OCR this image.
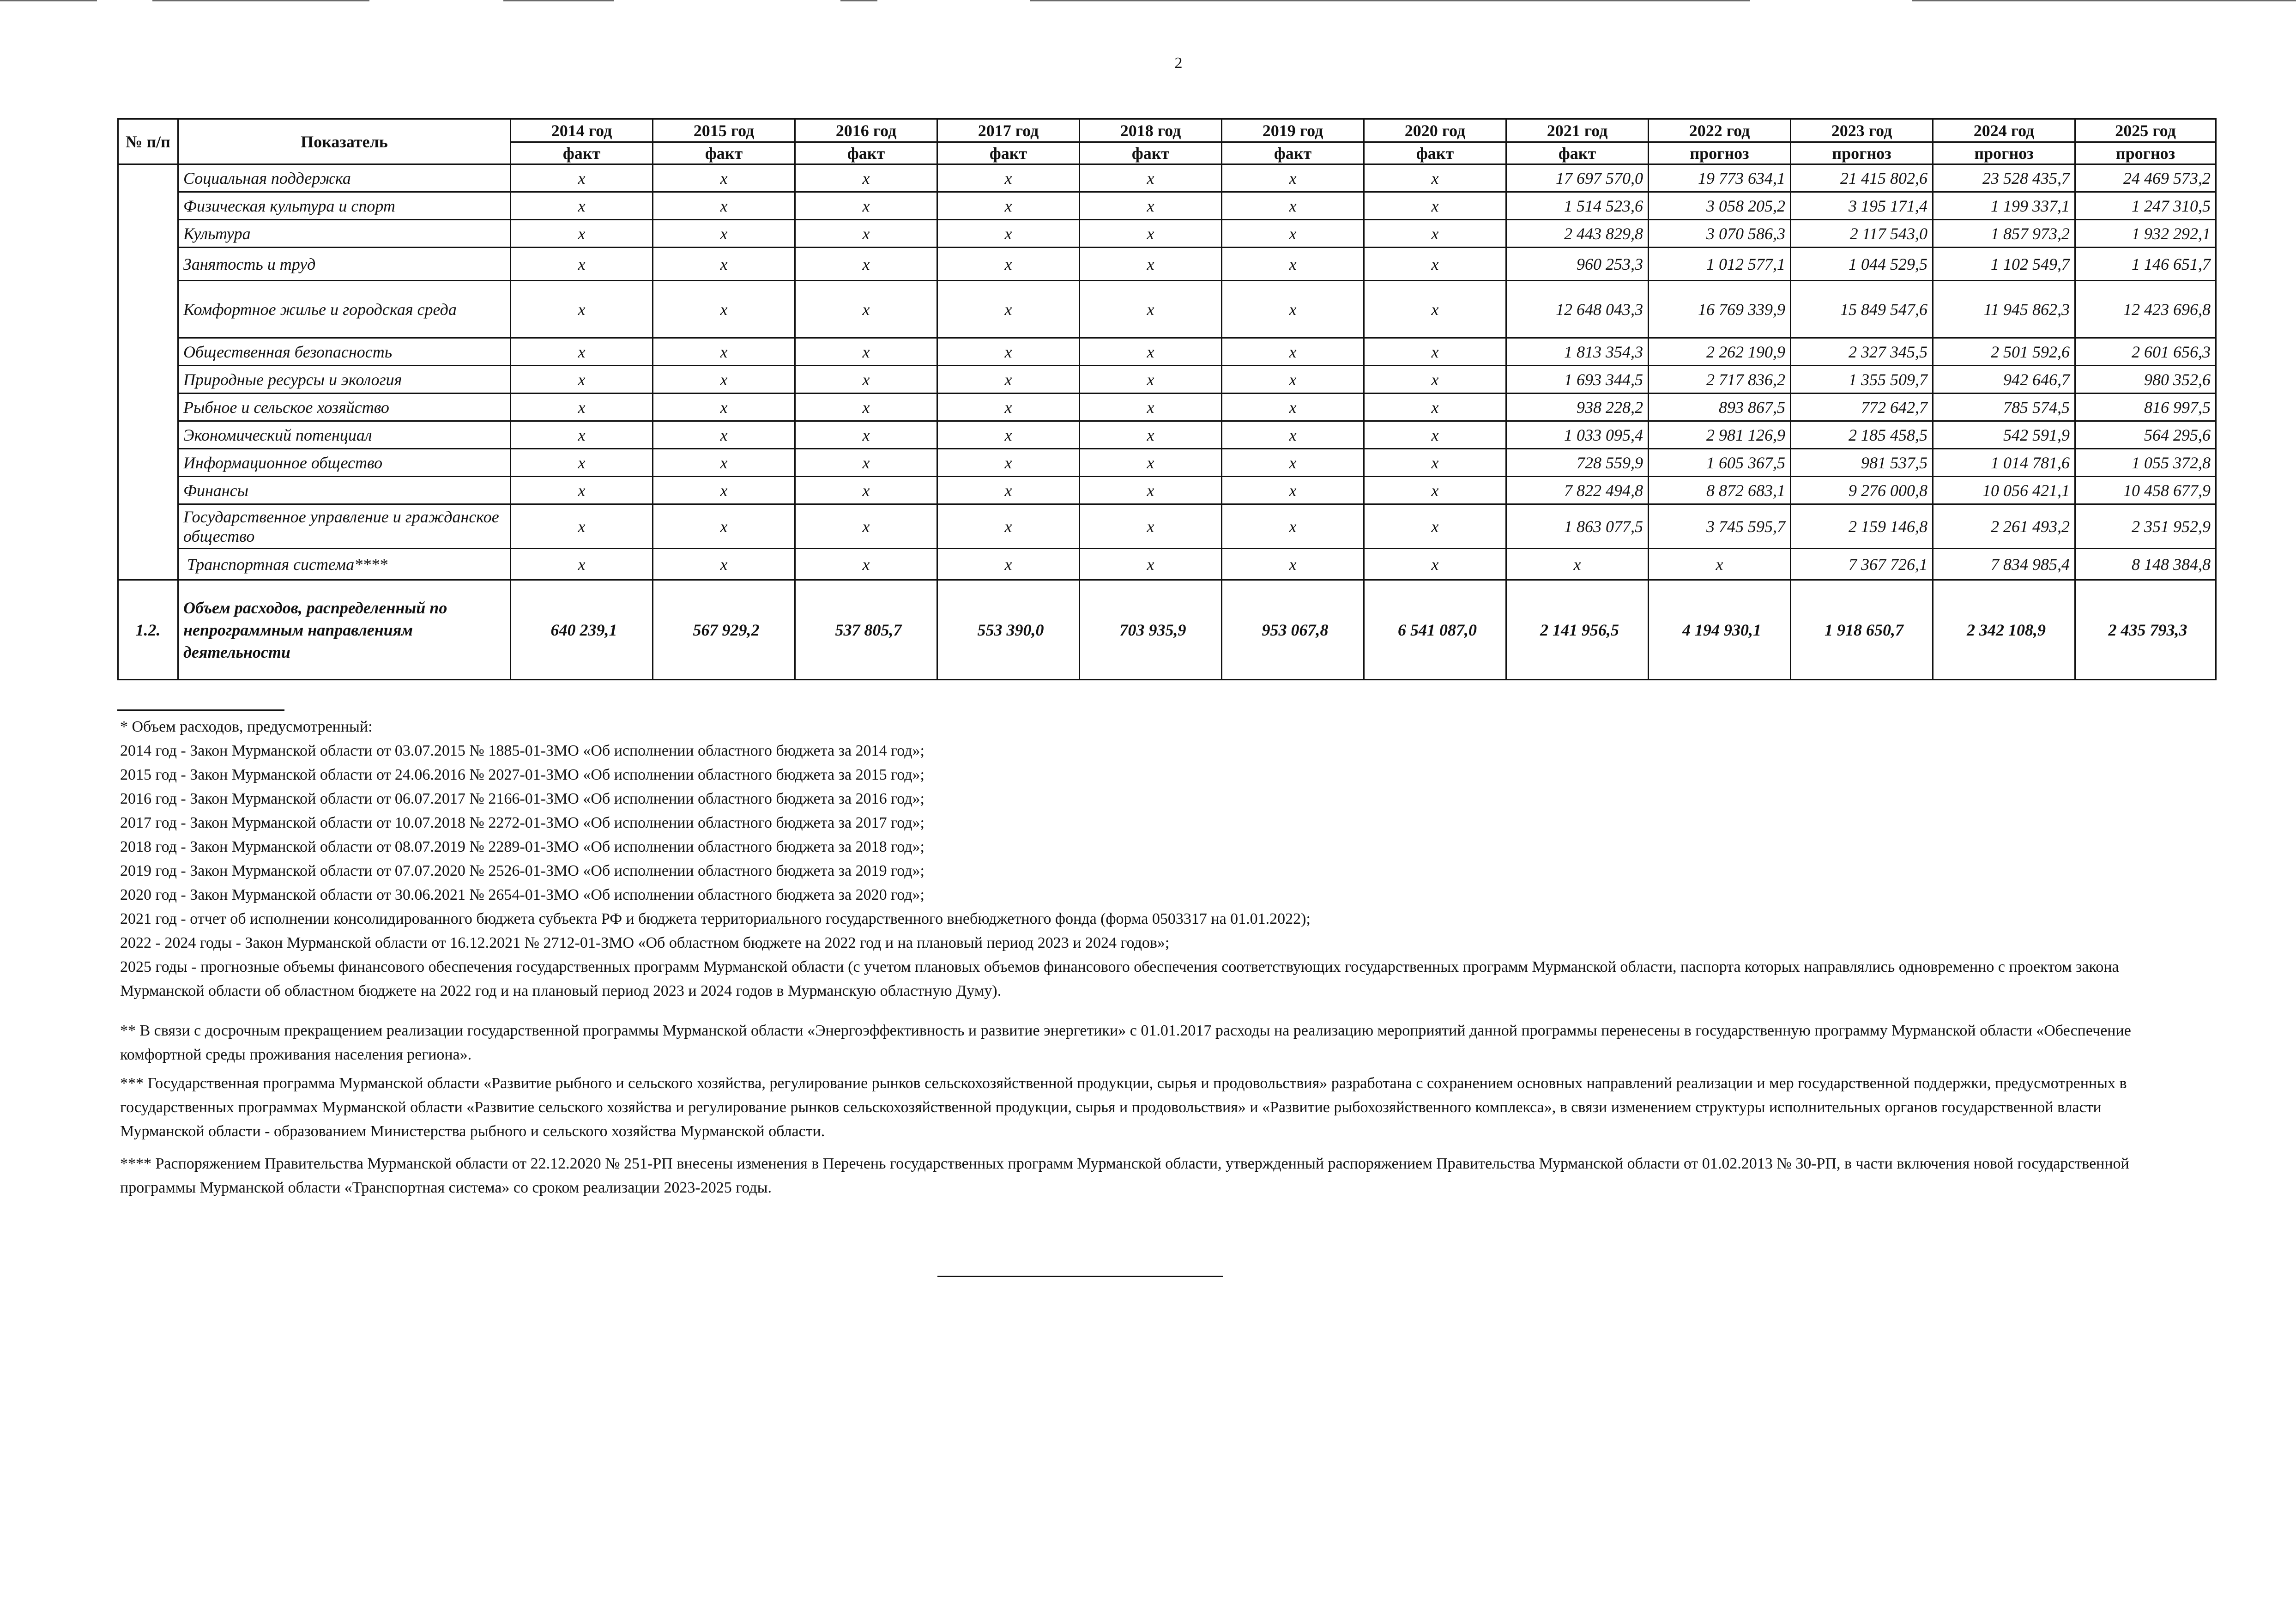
2
№ п/п	Показатель	2014 год	2015 год	2016 год	2017 год	2018 год	2019 год	2020 год	2021 год	2022 год	2023 год	2024 год	2025 год
		факт	факт	факт	факт	факт	факт	факт	факт	прогноз	прогноз	прогноз	прогноз
	Социальная поддержка	x	x	x	x	x	x	x	17 697 570,0	19 773 634,1	21 415 802,6	23 528 435,7	24 469 573,2
	Физическая культура и спорт	x	x	x	x	x	x	x	1 514 523,6	3 058 205,2	3 195 171,4	1 199 337,1	1 247 310,5
	Культура	x	x	x	x	x	x	x	2 443 829,8	3 070 586,3	2 117 543,0	1 857 973,2	1 932 292,1
	Занятость и труд	x	x	x	x	x	x	x	960 253,3	1 012 577,1	1 044 529,5	1 102 549,7	1 146 651,7
	Комфортное жилье и городская среда	x	x	x	x	x	x	x	12 648 043,3	16 769 339,9	15 849 547,6	11 945 862,3	12 423 696,8
	Общественная безопасность	x	x	x	x	x	x	x	1 813 354,3	2 262 190,9	2 327 345,5	2 501 592,6	2 601 656,3
	Природные ресурсы и экология	x	x	x	x	x	x	x	1 693 344,5	2 717 836,2	1 355 509,7	942 646,7	980 352,6
	Рыбное и сельское хозяйство	x	x	x	x	x	x	x	938 228,2	893 867,5	772 642,7	785 574,5	816 997,5
	Экономический потенциал	x	x	x	x	x	x	x	1 033 095,4	2 981 126,9	2 185 458,5	542 591,9	564 295,6
	Информационное общество	x	x	x	x	x	x	x	728 559,9	1 605 367,5	981 537,5	1 014 781,6	1 055 372,8
	Финансы	x	x	x	x	x	x	x	7 822 494,8	8 872 683,1	9 276 000,8	10 056 421,1	10 458 677,9
	Государственное управление и гражданское общество	x	x	x	x	x	x	x	1 863 077,5	3 745 595,7	2 159 146,8	2 261 493,2	2 351 952,9
	Транспортная система****	x	x	x	x	x	x	x	x	x	7 367 726,1	7 834 985,4	8 148 384,8
1.2.	Объем расходов, распределенный по непрограммным направлениям деятельности	640 239,1	567 929,2	537 805,7	553 390,0	703 935,9	953 067,8	6 541 087,0	2 141 956,5	4 194 930,1	1 918 650,7	2 342 108,9	2 435 793,3

* Объем расходов, предусмотренный:

2014 год - Закон Мурманской области от 03.07.2015 № 1885-01-ЗМО «Об исполнении областного бюджета за 2014 год»;

2015 год - Закон Мурманской области от 24.06.2016 № 2027-01-ЗМО «Об исполнении областного бюджета за 2015 год»;

2016 год - Закон Мурманской области от 06.07.2017 № 2166-01-ЗМО «Об исполнении областного бюджета за 2016 год»;

2017 год - Закон Мурманской области от 10.07.2018 № 2272-01-ЗМО «Об исполнении областного бюджета за 2017 год»;

2018 год - Закон Мурманской области от 08.07.2019 № 2289-01-ЗМО «Об исполнении областного бюджета за 2018 год»;

2019 год - Закон Мурманской области от 07.07.2020 № 2526-01-ЗМО «Об исполнении областного бюджета за 2019 год»;

2020 год - Закон Мурманской области от 30.06.2021 № 2654-01-ЗМО «Об исполнении областного бюджета за 2020 год»;

2021 год - отчет об исполнении консолидированного бюджета субъекта РФ и бюджета территориального государственного внебюджетного фонда (форма 0503317 на 01.01.2022);

2022 - 2024 годы - Закон Мурманской области от 16.12.2021 № 2712-01-ЗМО «Об областном бюджете на 2022 год и на плановый период 2023 и 2024 годов»;

2025 годы - прогнозные объемы финансового обеспечения государственных программ Мурманской области (с учетом плановых объемов финансового обеспечения соответствующих государственных программ Мурманской области, паспорта которых направлялись одновременно с проектом закона Мурманской области об областном бюджете на 2022 год и на плановый период 2023 и 2024 годов в Мурманскую областную Думу).

** В связи с досрочным прекращением реализации государственной программы Мурманской области «Энергоэффективность и развитие энергетики» с 01.01.2017 расходы на реализацию мероприятий данной программы перенесены в государственную программу Мурманской области «Обеспечение комфортной среды проживания населения региона».

*** Государственная программа Мурманской области «Развитие рыбного и сельского хозяйства, регулирование рынков сельскохозяйственной продукции, сырья и продовольствия» разработана с сохранением основных направлений реализации и мер государственной поддержки, предусмотренных в государственных программах Мурманской области «Развитие сельского хозяйства и регулирование рынков сельскохозяйственной продукции, сырья и продовольствия» и «Развитие рыбохозяйственного комплекса», в связи изменением структуры исполнительных органов государственной власти Мурманской области - образованием Министерства рыбного и сельского хозяйства Мурманской области.

**** Распоряжением Правительства Мурманской области от 22.12.2020 № 251-РП внесены изменения в Перечень государственных программ Мурманской области, утвержденный распоряжением Правительства Мурманской области от 01.02.2013 № 30-РП, в части включения новой государственной программы Мурманской области «Транспортная система» со сроком реализации 2023-2025 годы.
